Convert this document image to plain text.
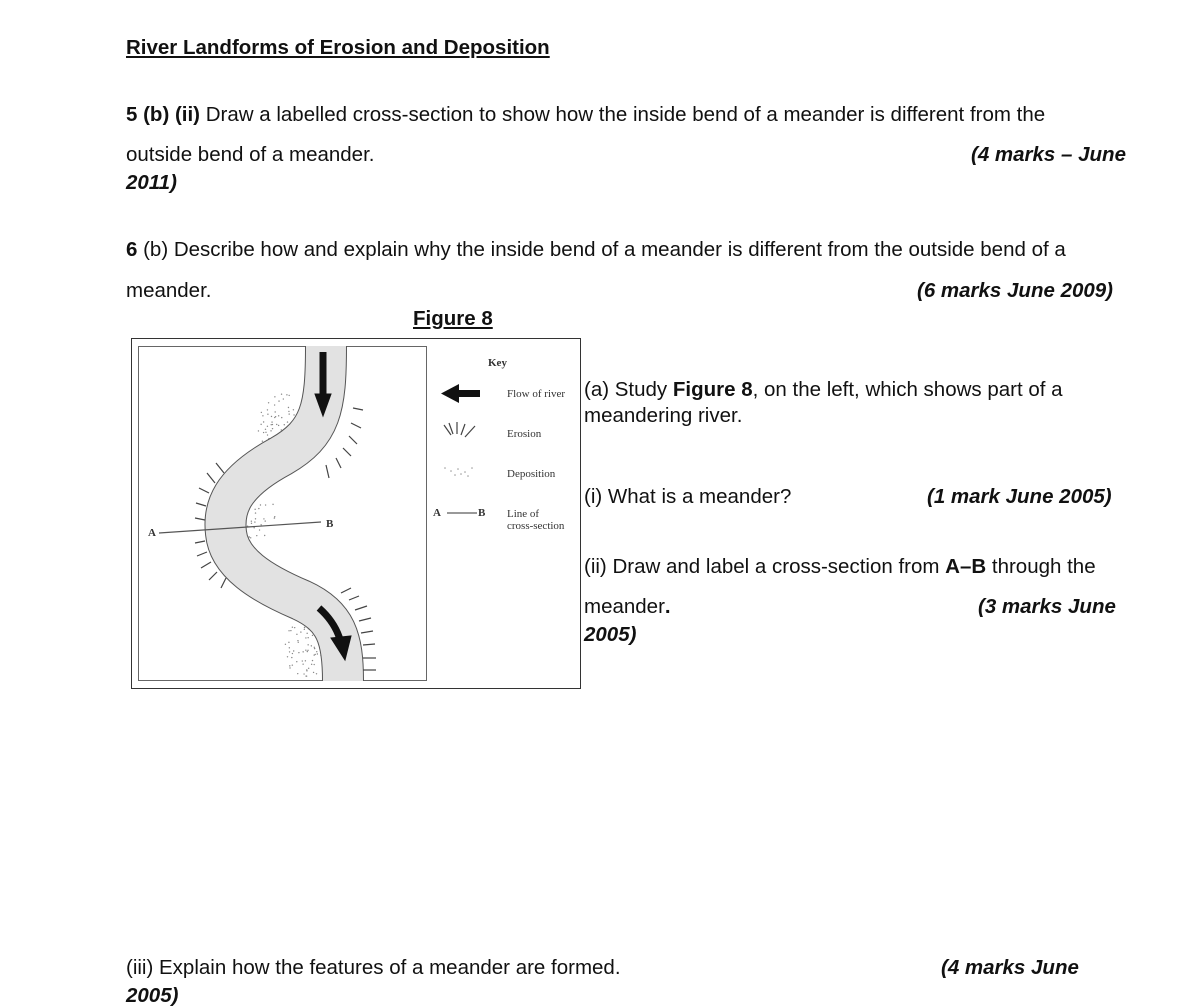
River Landforms of Erosion and Deposition
5 (b) (ii) Draw a labelled cross-section to show how the inside bend of a meander is different from the
outside bend of a meander.	(4 marks – June
2011)
6 (b) Describe how and explain why the inside bend of a meander is different from the outside bend of a
meander.	(6 marks June 2009)
Figure 8
A
B
Key
Flow of river
Erosion
Deposition
A	B Line of
cross-section
(a) Study Figure 8, on the left, which shows part of a
meandering river.
(i) What is a meander?	(1 mark June 2005)
(ii) Draw and label a cross-section from A–B through the
meander.	(3 marks June
2005)
(iii) Explain how the features of a meander are formed.	(4 marks June
2005)
